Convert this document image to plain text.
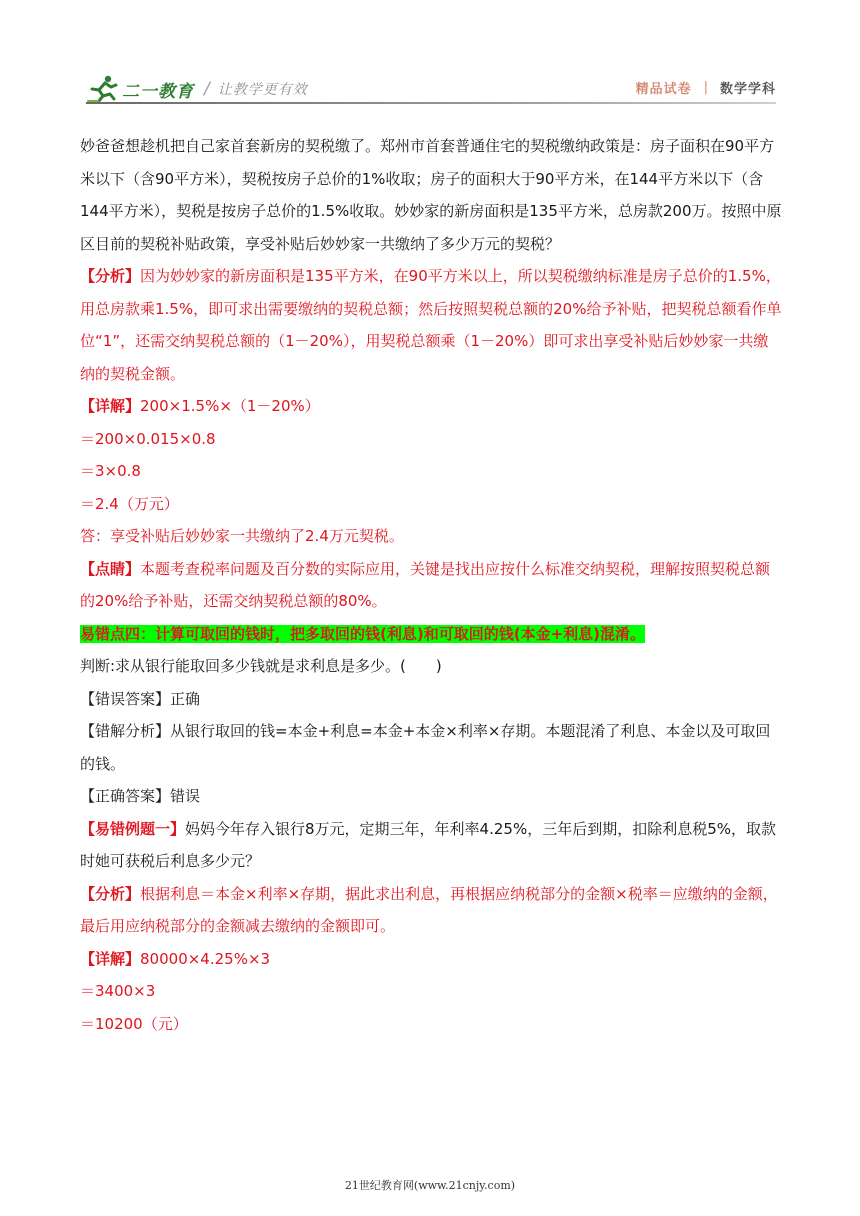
二一教育 / 让教学更有效	精品试卷 | 数学学科

妙爸爸想趁机把自己家首套新房的契税缴了。郑州市首套普通住宅的契税缴纳政策是：房子面积在90平方米以下（含90平方米），契税按房子总价的1%收取；房子的面积大于90平方米，在144平方米以下（含144平方米），契税是按房子总价的1.5%收取。妙妙家的新房面积是135平方米，总房款200万。按照中原区目前的契税补贴政策，享受补贴后妙妙家一共缴纳了多少万元的契税？

【分析】因为妙妙家的新房面积是135平方米，在90平方米以上，所以契税缴纳标准是房子总价的1.5%，用总房款乘1.5%，即可求出需要缴纳的契税总额；然后按照契税总额的20%给予补贴，把契税总额看作单位“1”，还需交纳契税总额的（1－20%），用契税总额乘（1－20%）即可求出享受补贴后妙妙家一共缴纳的契税金额。

【详解】200×1.5%×（1－20%）

＝200×0.015×0.8

＝3×0.8

＝2.4（万元）

答：享受补贴后妙妙家一共缴纳了2.4万元契税。

【点睛】本题考查税率问题及百分数的实际应用，关键是找出应按什么标准交纳契税，理解按照契税总额的20%给予补贴，还需交纳契税总额的80%。

易错点四：计算可取回的钱时，把多取回的钱(利息)和可取回的钱(本金+利息)混淆。

判断:求从银行能取回多少钱就是求利息是多少。(　　)

【错误答案】正确

【错解分析】从银行取回的钱=本金+利息=本金+本金×利率×存期。本题混淆了利息、本金以及可取回的钱。

【正确答案】错误

【易错例题一】妈妈今年存入银行8万元，定期三年，年利率4.25%，三年后到期，扣除利息税5%，取款时她可获税后利息多少元？

【分析】根据利息＝本金×利率×存期，据此求出利息，再根据应纳税部分的金额×税率＝应缴纳的金额，最后用应纳税部分的金额减去缴纳的金额即可。

【详解】80000×4.25%×3

＝3400×3

＝10200（元）

21世纪教育网(www.21cnjy.com)
